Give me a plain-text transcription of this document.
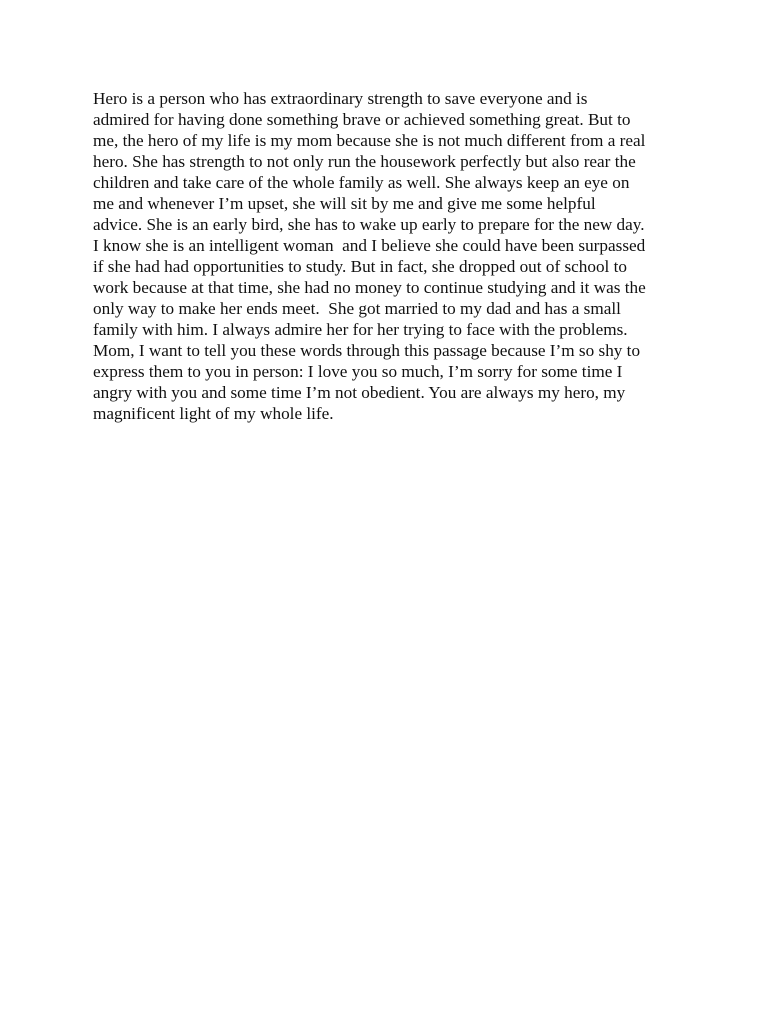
Hero is a person who has extraordinary strength to save everyone and is
admired for having done something brave or achieved something great. But to
me, the hero of my life is my mom because she is not much different from a real
hero. She has strength to not only run the housework perfectly but also rear the
children and take care of the whole family as well. She always keep an eye on
me and whenever I’m upset, she will sit by me and give me some helpful
advice. She is an early bird, she has to wake up early to prepare for the new day.
I know she is an intelligent woman  and I believe she could have been surpassed
if she had had opportunities to study. But in fact, she dropped out of school to
work because at that time, she had no money to continue studying and it was the
only way to make her ends meet.  She got married to my dad and has a small
family with him. I always admire her for her trying to face with the problems.
Mom, I want to tell you these words through this passage because I’m so shy to
express them to you in person: I love you so much, I’m sorry for some time I
angry with you and some time I’m not obedient. You are always my hero, my
magnificent light of my whole life.
